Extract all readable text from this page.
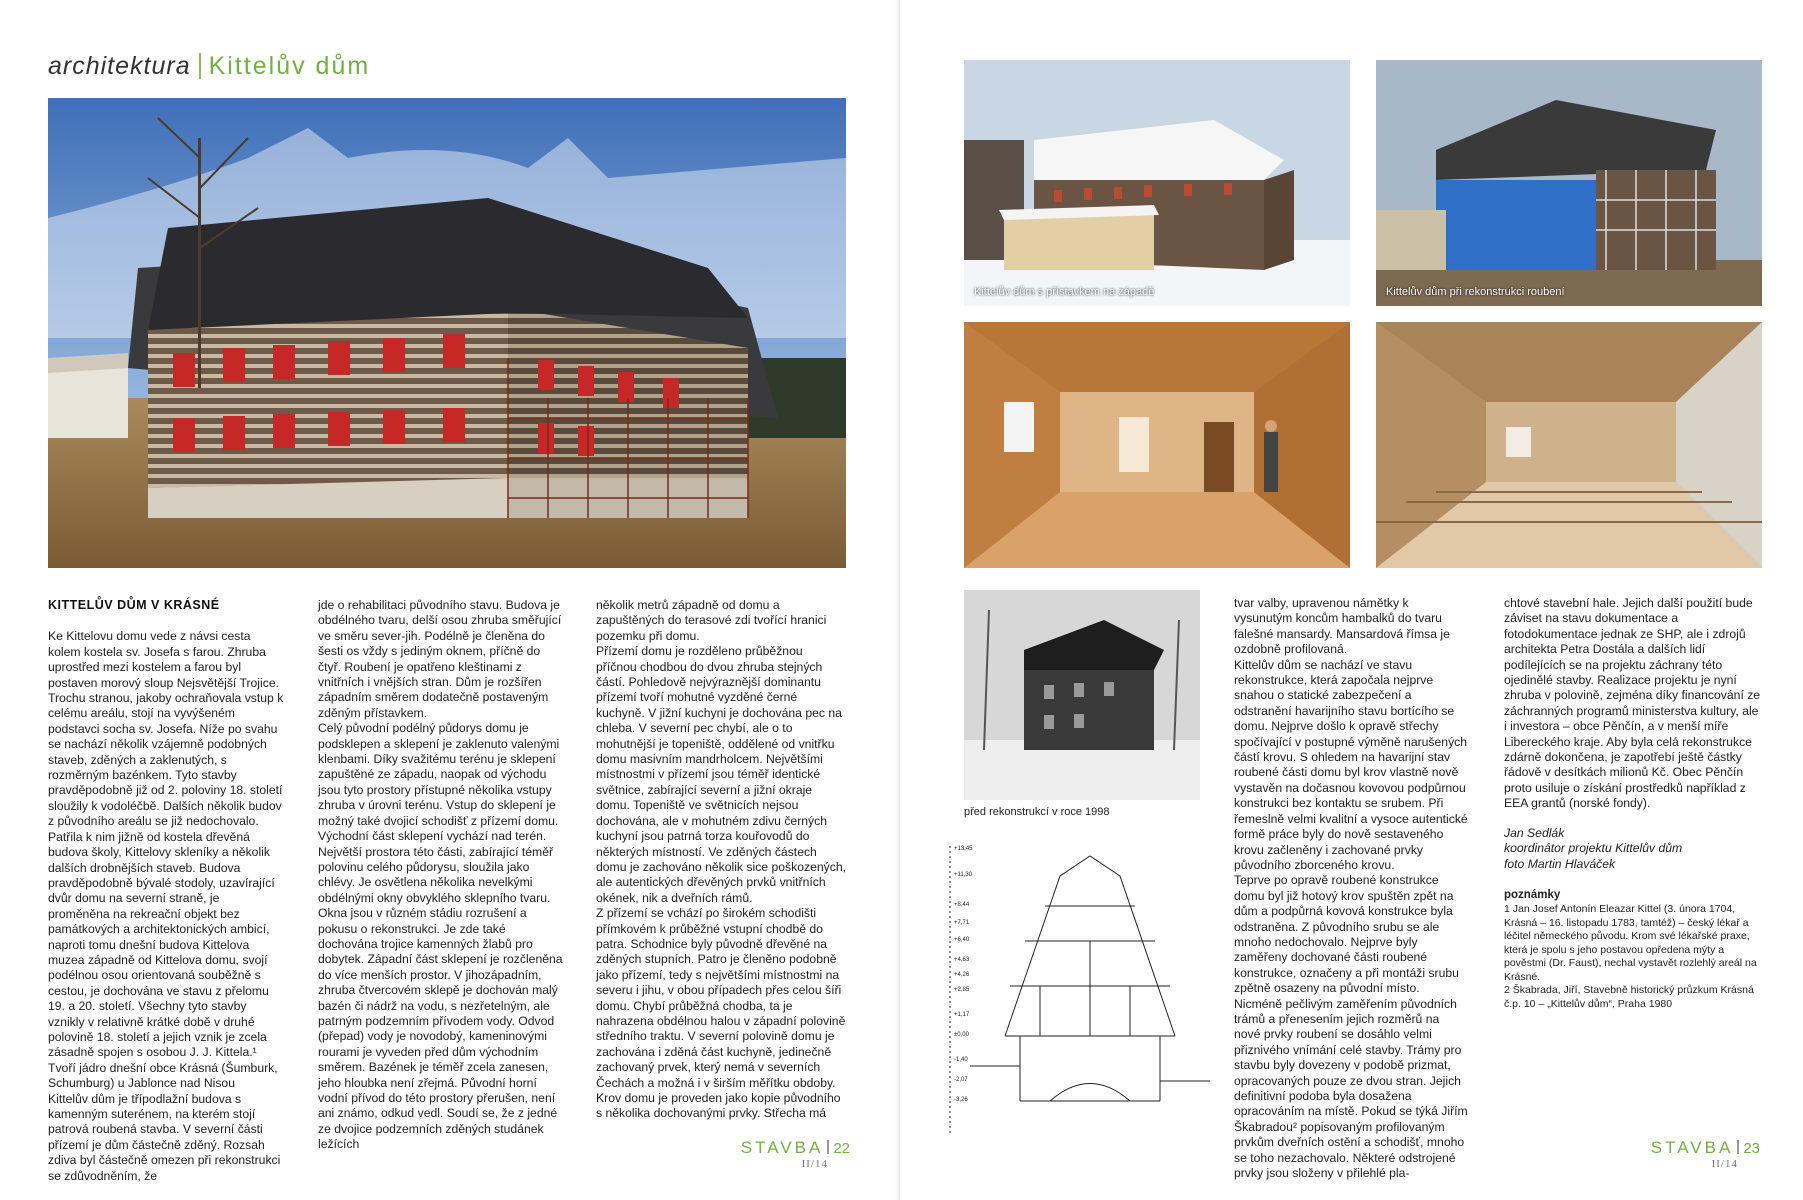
architektura Kittelův dům
KITTELŮV DŮM V KRÁSNÉ

Ke Kittelovu domu vede z návsi cesta kolem kostela sv. Josefa s farou. Zhruba uprostřed mezi kostelem a farou byl postaven morový sloup Nejsvětější Trojice. Trochu stranou, jakoby ochraňovala vstup k celému areálu, stojí na vyvýšeném podstavci socha sv. Josefa. Níže po svahu se nachází několik vzájemně podobných staveb, zděných a zaklenutých, s rozměrným bazénkem. Tyto stavby pravděpodobně již od 2. poloviny 18. století sloužily k vodoléčbě. Dalších několik budov z původního areálu se již nedochovalo. Patřila k nim jižně od kostela dřevěná budova školy, Kittelovy skleníky a několik dalších drobnějších staveb. Budova pravděpodobně bývalé stodoly, uzavírající dvůr domu na severní straně, je proměněna na rekreační objekt bez památkových a architektonických ambicí, naproti tomu dnešní budova Kittelova muzea západně od Kittelova domu, svojí podélnou osou orientovaná souběžně s cestou, je dochována ve stavu z přelomu 19. a 20. století. Všechny tyto stavby vznikly v relativně krátké době v druhé polovině 18. století a jejich vznik je zcela zásadně spojen s osobou J. J. Kittela.¹ Tvoří jádro dnešní obce Krásná (Šumburk, Schumburg) u Jablonce nad Nisou

Kittelův dům je třípodlažní budova s kamenným suterénem, na kterém stojí patrová roubená stavba. V severní části přízemí je dům částečně zděný. Rozsah zdiva byl částečně omezen při rekonstrukci se zdůvodněním, že

jde o rehabilitaci původního stavu. Budova je obdélného tvaru, delší osou zhruba směřující ve směru sever-jih. Podélně je členěna do šesti os vždy s jediným oknem, příčně do čtyř. Roubení je opatřeno kleštinami z vnitřních i vnějších stran. Dům je rozšířen západním směrem dodatečně postaveným zděným přístavkem.

Celý původní podélný půdorys domu je podsklepen a sklepení je zaklenuto valenými klenbami. Díky svažitému terénu je sklepení zapuštěné ze západu, naopak od východu jsou tyto prostory přístupné několika vstupy zhruba v úrovni terénu. Vstup do sklepení je možný také dvojicí schodišť z přízemí domu. Východní část sklepení vychází nad terén. Největší prostora této části, zabírající téměř polovinu celého půdorysu, sloužila jako chlévy. Je osvětlena několika nevelkými obdélnými okny obvyklého sklepního tvaru. Okna jsou v různém stádiu rozrušení a pokusu o rekonstrukci. Je zde také dochována trojice kamenných žlabů pro dobytek. Západní část sklepení je rozčleněna do více menších prostor. V jihozápadním, zhruba čtvercovém sklepě je dochován malý bazén či nádrž na vodu, s nezřetelným, ale patrným podzemním přívodem vody. Odvod (přepad) vody je novodobý, kameninovými rourami je vyveden před dům východním směrem. Bazének je téměř zcela zanesen, jeho hloubka není zřejmá. Původní horní vodní přívod do této prostory přerušen, není ani známo, odkud vedl. Soudí se, že z jedné ze dvojice podzemních zděných studánek ležících

několik metrů západně od domu a zapuštěných do terasové zdi tvořící hranici pozemku při domu.

Přízemí domu je rozděleno průběžnou příčnou chodbou do dvou zhruba stejných částí. Pohledově nejvýraznější dominantu přízemí tvoří mohutné vyzděné černé kuchyně. V jižní kuchyni je dochována pec na chleba. V severní pec chybí, ale o to mohutnější je topeniště, oddělené od vnitřku domu masivním mandrholcem. Největšími místnostmi v přízemí jsou téměř identické světnice, zabírající severní a jižní okraje domu. Topeniště ve světnicích nejsou dochována, ale v mohutném zdivu černých kuchyní jsou patrná torza kouřovodů do některých místností. Ve zděných částech domu je zachováno několik sice poškozených, ale autentických dřevěných prvků vnitřních okének, nik a dveřních rámů.

Z přízemí se vchází po širokém schodišti přímkovém k průběžné vstupní chodbě do patra. Schodnice byly původně dřevěné na zděných stupních. Patro je členěno podobně jako přízemí, tedy s největšími místnostmi na severu i jihu, v obou případech přes celou šíři domu. Chybí průběžná chodba, ta je nahrazena obdélnou halou v západní polovině středního traktu. V severní polovině domu je zachována i zděná část kuchyně, jedinečně zachovaný prvek, který nemá v severních Čechách a možná i v širším měřítku obdoby.

Krov domu je proveden jako kopie původního s několika dochovanými prvky. Střecha má

STAVBA 22
II/14
Kittelův dům s přístavkem na západě	Kittelův dům při rekonstrukci roubení
před rekonstrukcí v roce 1998
+13,45
+11,30
+8,44
+7,71
+6,40
+4,63
+4,26
+2,85
+1,17
±0,00
-1,40
-2,07
-3,26

tvar valby, upravenou námětky k vysunutým koncům hambalků do tvaru falešné mansardy. Mansardová římsa je ozdobně profilovaná.

Kittelův dům se nachází ve stavu rekonstrukce, která započala nejprve snahou o statické zabezpečení a odstranění havarijního stavu bortícího se domu. Nejprve došlo k opravě střechy spočívající v postupné výměně narušených částí krovu. S ohledem na havarijní stav roubené části domu byl krov vlastně nově vystavěn na dočasnou kovovou podpůrnou konstrukci bez kontaktu se srubem. Při řemeslně velmi kvalitní a vysoce autentické formě práce byly do nově sestaveného krovu začleněny i zachované prvky původního zborceného krovu.

Teprve po opravě roubené konstrukce domu byl již hotový krov spuštěn zpět na dům a podpůrná kovová konstrukce byla odstraněna. Z původního srubu se ale mnoho nedochovalo. Nejprve byly zaměřeny dochované části roubené konstrukce, označeny a při montáži srubu zpětně osazeny na původní místo. Nicméně pečlivým zaměřením původních trámů a přenesením jejich rozměrů na nové prvky roubení se dosáhlo velmi přiznivého vnímání celé stavby. Trámy pro stavbu byly dovezeny v podobě prizmat, opracovaných pouze ze dvou stran. Jejich definitivní podoba byla dosažena opracováním na místě. Pokud se týká Jiřím Škabradou² popisovaným profilovaným prvkům dveřních ostění a schodišť, mnoho se toho nezachovalo. Některé odstrojené prvky jsou složeny v přilehlé pla-

chtové stavební hale. Jejich další použití bude záviset na stavu dokumentace a fotodokumentace jednak ze SHP, ale i zdrojů architekta Petra Dostála a dalších lidí podílejících se na projektu záchrany této ojedinělé stavby. Realizace projektu je nyní zhruba v polovině, zejména díky financování ze záchranných programů ministerstva kultury, ale i investora – obce Pěnčín, a v menší míře Libereckého kraje. Aby byla celá rekonstrukce zdárně dokončena, je zapotřebí ještě částky řádově v desítkách milionů Kč. Obec Pěnčín proto usiluje o získání prostředků například z EEA grantů (norské fondy).

Jan Sedlák

koordinátor projektu Kittelův dům

foto Martin Hlaváček

poznámky

1 Jan Josef Antonín Eleazar Kittel (3. února 1704, Krásná – 16. listopadu 1783, tamtéž) – český lékař a léčitel německého původu. Krom své lékařské praxe, která je spolu s jeho postavou opředena mýty a pověstmi (Dr. Faust), nechal vystavět rozlehlý areál na Krásné.

2 Škabrada, Jiří, Stavebně historický průzkum Krásná č.p. 10 – „Kittelův dům“, Praha 1980

STAVBA 23
II/14
